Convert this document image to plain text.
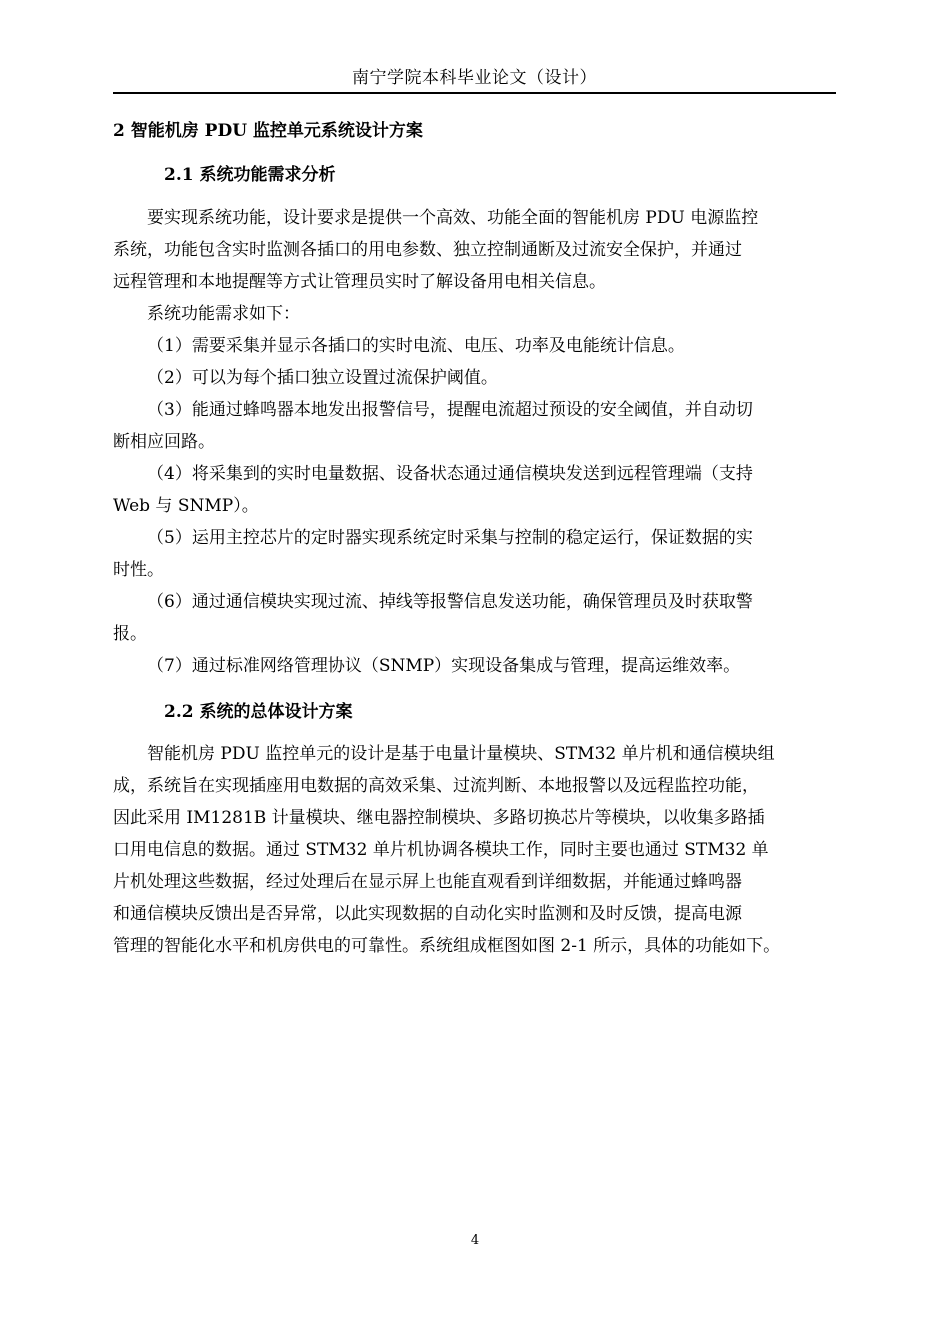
南宁学院本科毕业论文（设计）
2 智能机房 PDU 监控单元系统设计方案
2.1 系统功能需求分析
要实现系统功能，设计要求是提供一个高效、功能全面的智能机房 PDU 电源监控
系统，功能包含实时监测各插口的用电参数、独立控制通断及过流安全保护，并通过
远程管理和本地提醒等方式让管理员实时了解设备用电相关信息。
系统功能需求如下：
（1）需要采集并显示各插口的实时电流、电压、功率及电能统计信息。
（2）可以为每个插口独立设置过流保护阈值。
（3）能通过蜂鸣器本地发出报警信号，提醒电流超过预设的安全阈值，并自动切
断相应回路。
（4）将采集到的实时电量数据、设备状态通过通信模块发送到远程管理端（支持
Web 与 SNMP）。
（5）运用主控芯片的定时器实现系统定时采集与控制的稳定运行，保证数据的实
时性。
（6）通过通信模块实现过流、掉线等报警信息发送功能，确保管理员及时获取警
报。
（7）通过标准网络管理协议（SNMP）实现设备集成与管理，提高运维效率。
2.2 系统的总体设计方案
智能机房 PDU 监控单元的设计是基于电量计量模块、STM32 单片机和通信模块组
成，系统旨在实现插座用电数据的高效采集、过流判断、本地报警以及远程监控功能，
因此采用 IM1281B 计量模块、继电器控制模块、多路切换芯片等模块，以收集多路插
口用电信息的数据。通过 STM32 单片机协调各模块工作，同时主要也通过 STM32 单
片机处理这些数据，经过处理后在显示屏上也能直观看到详细数据，并能通过蜂鸣器
和通信模块反馈出是否异常，以此实现数据的自动化实时监测和及时反馈，提高电源
管理的智能化水平和机房供电的可靠性。系统组成框图如图 2-1 所示，具体的功能如下。
4
